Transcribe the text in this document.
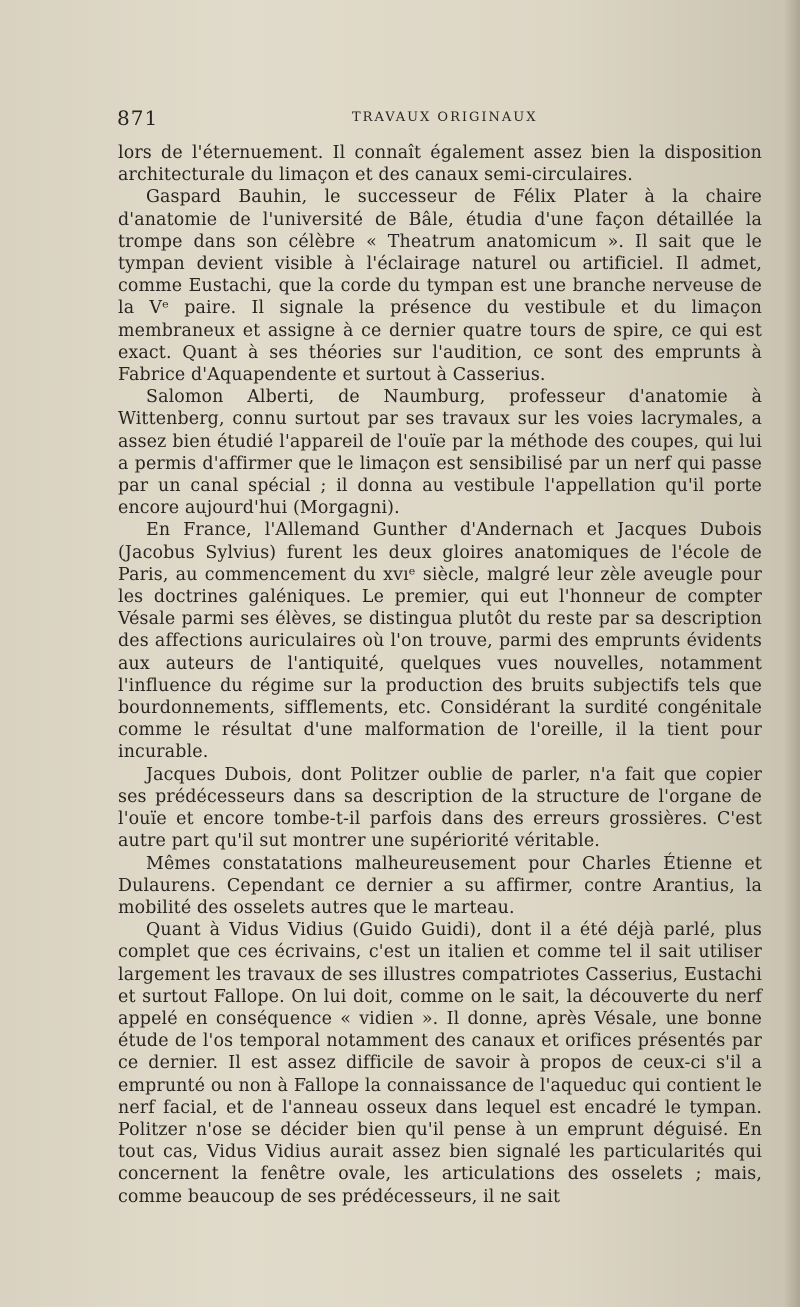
871	TRAVAUX ORIGINAUX

lors de l'éternuement. Il connaît également assez bien la disposition architecturale du limaçon et des canaux semi-circulaires.

Gaspard Bauhin, le successeur de Félix Plater à la chaire d'anatomie de l'université de Bâle, étudia d'une façon détaillée la trompe dans son célèbre « Theatrum anatomicum ». Il sait que le tympan devient visible à l'éclairage naturel ou artificiel. Il admet, comme Eustachi, que la corde du tympan est une branche nerveuse de la Vᵉ paire. Il signale la présence du vestibule et du limaçon membraneux et assigne à ce dernier quatre tours de spire, ce qui est exact. Quant à ses théories sur l'audition, ce sont des emprunts à Fabrice d'Aquapendente et surtout à Casserius.

Salomon Alberti, de Naumburg, professeur d'anatomie à Wittenberg, connu surtout par ses travaux sur les voies lacrymales, a assez bien étudié l'appareil de l'ouïe par la méthode des coupes, qui lui a permis d'affirmer que le limaçon est sensibilisé par un nerf qui passe par un canal spécial ; il donna au vestibule l'appellation qu'il porte encore aujourd'hui (Morgagni).

En France, l'Allemand Gunther d'Andernach et Jacques Dubois (Jacobus Sylvius) furent les deux gloires anatomiques de l'école de Paris, au commencement du xvıᵉ siècle, malgré leur zèle aveugle pour les doctrines galéniques. Le premier, qui eut l'honneur de compter Vésale parmi ses élèves, se distingua plutôt du reste par sa description des affections auriculaires où l'on trouve, parmi des emprunts évidents aux auteurs de l'antiquité, quelques vues nouvelles, notamment l'influence du régime sur la production des bruits subjectifs tels que bourdonnements, sifflements, etc. Considérant la surdité congénitale comme le résultat d'une malformation de l'oreille, il la tient pour incurable.

Jacques Dubois, dont Politzer oublie de parler, n'a fait que copier ses prédécesseurs dans sa description de la structure de l'organe de l'ouïe et encore tombe-t-il parfois dans des erreurs grossières. C'est autre part qu'il sut montrer une supériorité véritable.

Mêmes constatations malheureusement pour Charles Étienne et Dulaurens. Cependant ce dernier a su affirmer, contre Arantius, la mobilité des osselets autres que le marteau.

Quant à Vidus Vidius (Guido Guidi), dont il a été déjà parlé, plus complet que ces écrivains, c'est un italien et comme tel il sait utiliser largement les travaux de ses illustres compatriotes Casserius, Eustachi et surtout Fallope. On lui doit, comme on le sait, la découverte du nerf appelé en conséquence « vidien ». Il donne, après Vésale, une bonne étude de l'os temporal notamment des canaux et orifices présentés par ce dernier. Il est assez difficile de savoir à propos de ceux-ci s'il a emprunté ou non à Fallope la connaissance de l'aqueduc qui contient le nerf facial, et de l'anneau osseux dans lequel est encadré le tympan. Politzer n'ose se décider bien qu'il pense à un emprunt déguisé. En tout cas, Vidus Vidius aurait assez bien signalé les particularités qui concernent la fenêtre ovale, les articulations des osselets ; mais, comme beaucoup de ses prédécesseurs, il ne sait
